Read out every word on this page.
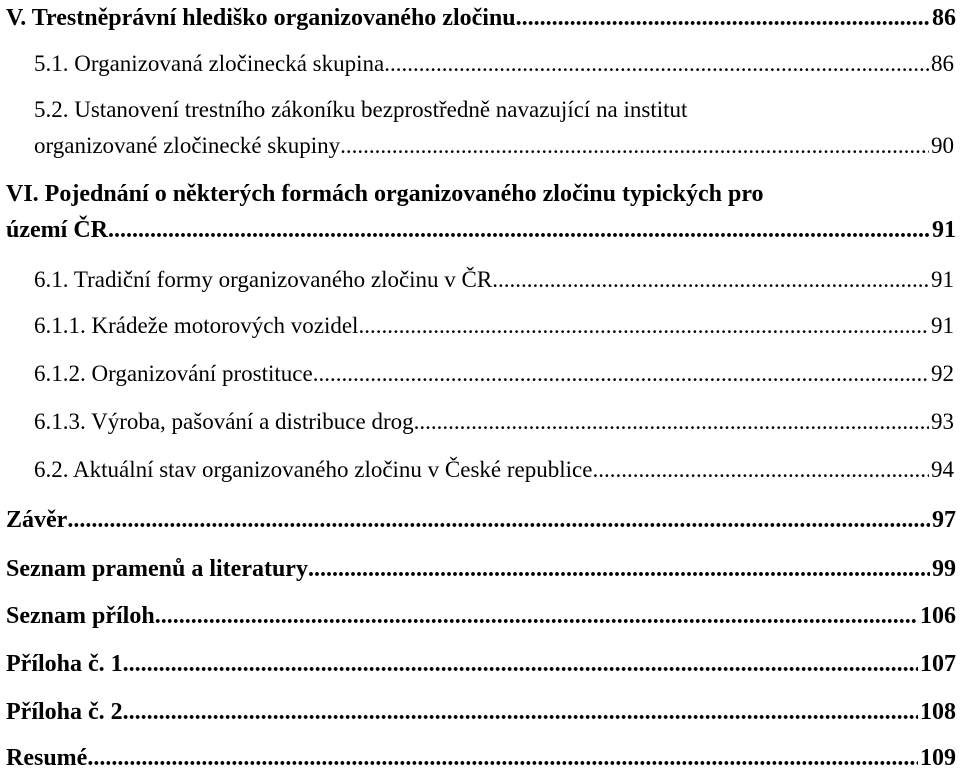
V. Trestněprávní hlediško organizovaného zločinu .....	86
5.1. Organizovaná zločinecká skupina .....	86
5.2. Ustanovení trestního zákoníku bezprostředně navazující na institut
organizované zločinecké skupiny .....	90
VI. Pojednání o některých formách organizovaného zločinu typických pro
území ČR .....	91
6.1. Tradiční formy organizovaného zločinu v ČR .....	91
6.1.1. Krádeže motorových vozidel .....	91
6.1.2. Organizování prostituce .....	92
6.1.3. Výroba, pašování a distribuce drog .....	93
6.2. Aktuální stav organizovaného zločinu v České republice .....	94
Závěr .....	97
Seznam pramenů a literatury .....	99
Seznam příloh .....	106
Příloha č. 1 .....	107
Příloha č. 2 .....	108
Resumé .....	109
